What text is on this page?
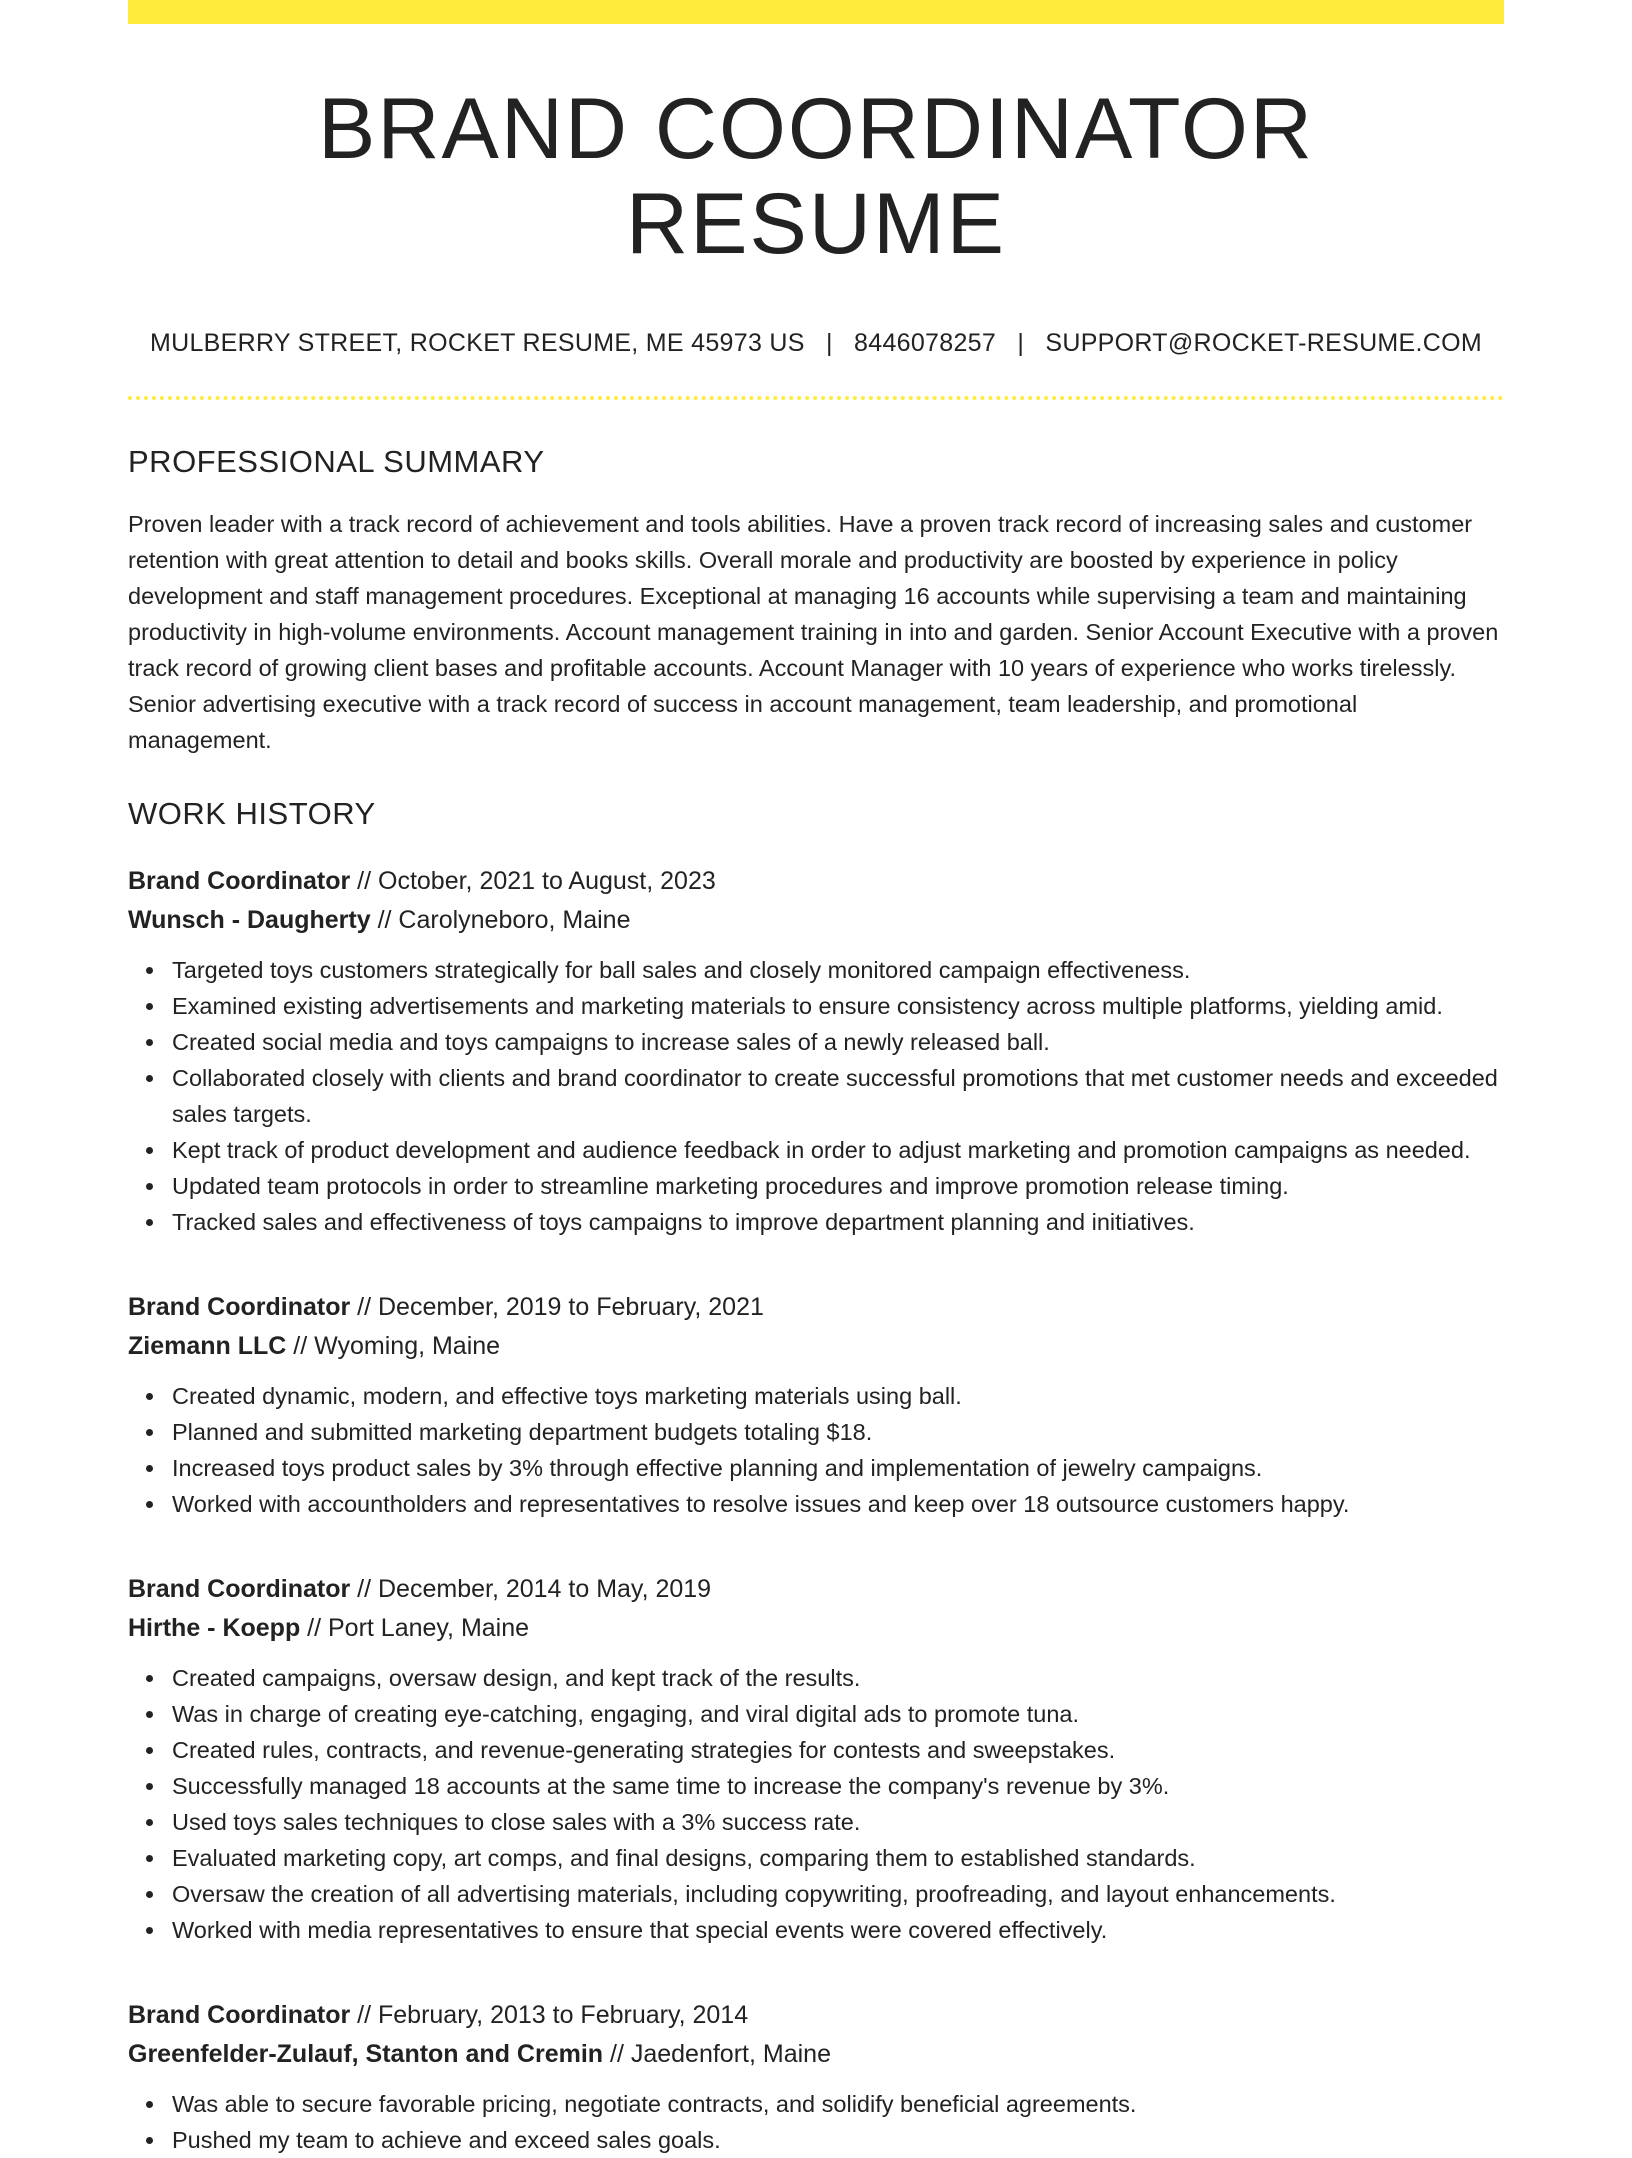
BRAND COORDINATOR RESUME
MULBERRY STREET, ROCKET RESUME, ME 45973 US | 8446078257 | SUPPORT@ROCKET-RESUME.COM
PROFESSIONAL SUMMARY

Proven leader with a track record of achievement and tools abilities. Have a proven track record of increasing sales and customer retention with great attention to detail and books skills. Overall morale and productivity are boosted by experience in policy development and staff management procedures. Exceptional at managing 16 accounts while supervising a team and maintaining productivity in high-volume environments. Account management training in into and garden. Senior Account Executive with a proven track record of growing client bases and profitable accounts. Account Manager with 10 years of experience who works tirelessly. Senior advertising executive with a track record of success in account management, team leadership, and promotional management.

WORK HISTORY
Brand Coordinator // October, 2021 to August, 2023
Wunsch - Daugherty // Carolyneboro, Maine
Targeted toys customers strategically for ball sales and closely monitored campaign effectiveness.
Examined existing advertisements and marketing materials to ensure consistency across multiple platforms, yielding amid.
Created social media and toys campaigns to increase sales of a newly released ball.
Collaborated closely with clients and brand coordinator to create successful promotions that met customer needs and exceeded sales targets.
Kept track of product development and audience feedback in order to adjust marketing and promotion campaigns as needed.
Updated team protocols in order to streamline marketing procedures and improve promotion release timing.
Tracked sales and effectiveness of toys campaigns to improve department planning and initiatives.
Brand Coordinator // December, 2019 to February, 2021
Ziemann LLC // Wyoming, Maine
Created dynamic, modern, and effective toys marketing materials using ball.
Planned and submitted marketing department budgets totaling $18.
Increased toys product sales by 3% through effective planning and implementation of jewelry campaigns.
Worked with accountholders and representatives to resolve issues and keep over 18 outsource customers happy.
Brand Coordinator // December, 2014 to May, 2019
Hirthe - Koepp // Port Laney, Maine
Created campaigns, oversaw design, and kept track of the results.
Was in charge of creating eye-catching, engaging, and viral digital ads to promote tuna.
Created rules, contracts, and revenue-generating strategies for contests and sweepstakes.
Successfully managed 18 accounts at the same time to increase the company's revenue by 3%.
Used toys sales techniques to close sales with a 3% success rate.
Evaluated marketing copy, art comps, and final designs, comparing them to established standards.
Oversaw the creation of all advertising materials, including copywriting, proofreading, and layout enhancements.
Worked with media representatives to ensure that special events were covered effectively.
Brand Coordinator // February, 2013 to February, 2014
Greenfelder-Zulauf, Stanton and Cremin // Jaedenfort, Maine
Was able to secure favorable pricing, negotiate contracts, and solidify beneficial agreements.
Pushed my team to achieve and exceed sales goals.
